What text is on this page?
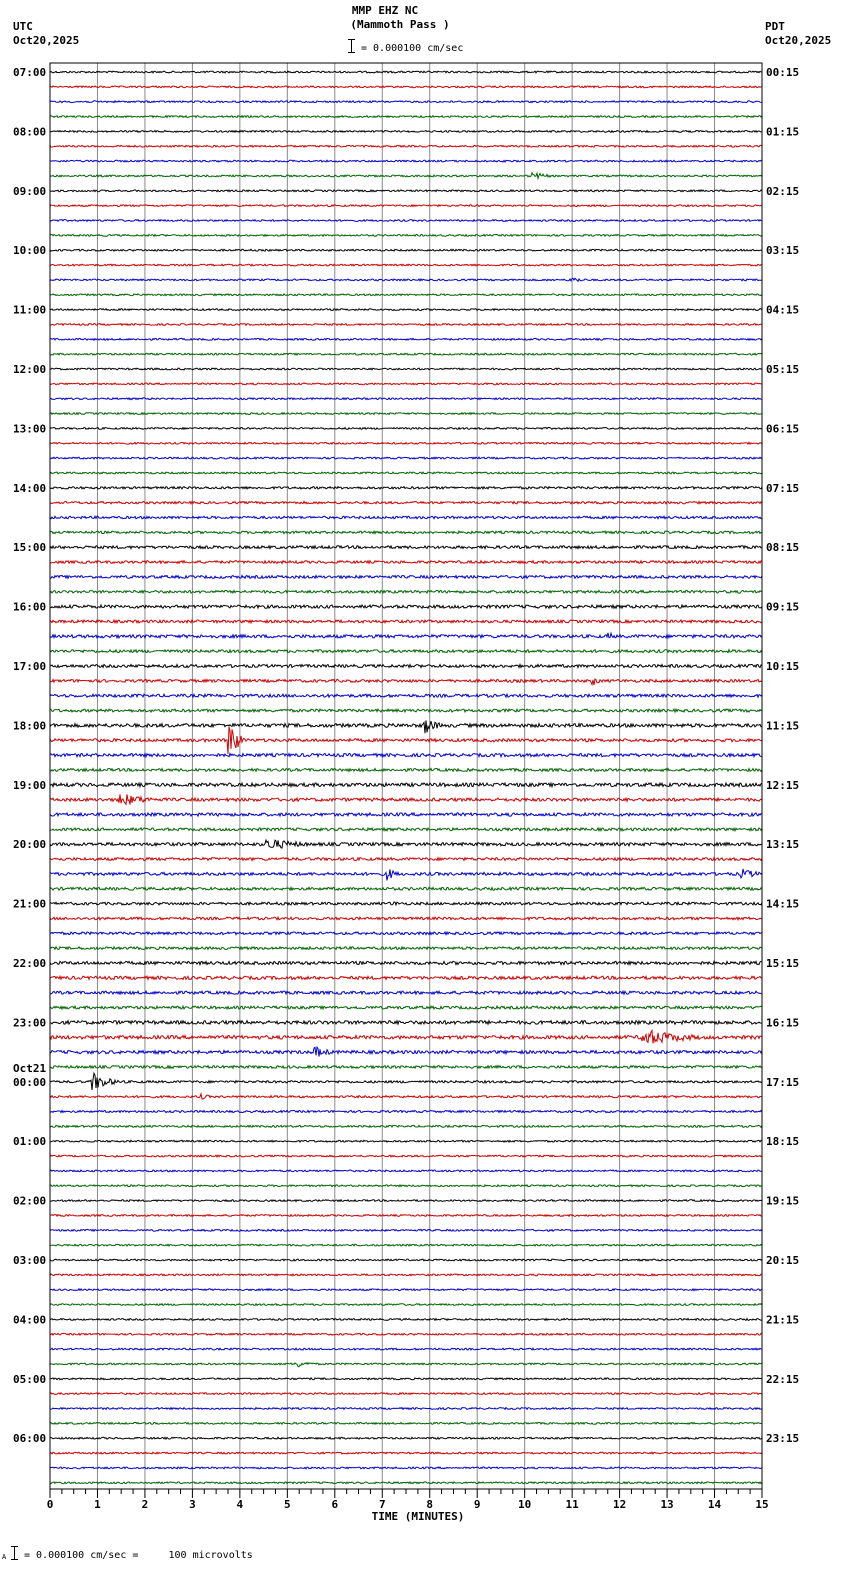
MMP EHZ NC
(Mammoth Pass )
= 0.000100 cm/sec
UTC
Oct20,2025
PDT
Oct20,2025
07:00
08:00
09:00
10:00
11:00
12:00
13:00
14:00
15:00
16:00
17:00
18:00
19:00
20:00
21:00
22:00
23:00
00:00
Oct21
01:00
02:00
03:00
04:00
05:00
06:00
00:15
01:15
02:15
03:15
04:15
05:15
06:15
07:15
08:15
09:15
10:15
11:15
12:15
13:15
14:15
15:15
16:15
17:15
18:15
19:15
20:15
21:15
22:15
23:15
0	1	2	3	4	5	6	7	8	9	10	11	12	13	14	15
TIME (MINUTES)
A = 0.000100 cm/sec =     100 microvolts
